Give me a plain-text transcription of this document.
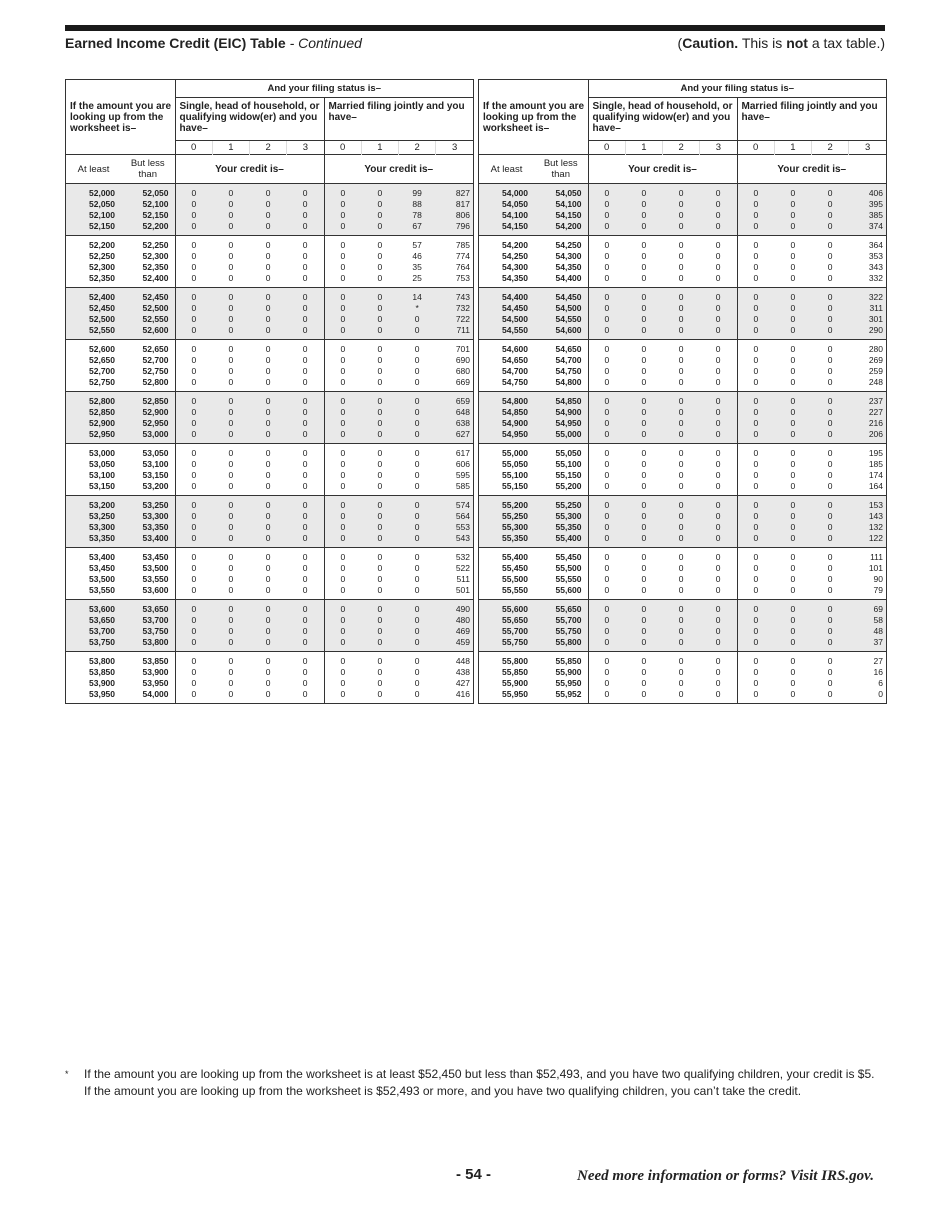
Earned Income Credit (EIC) Table - Continued	(Caution. This is not a tax table.)
		And your filing status is–							
If the amount you are looking up from the worksheet is–		Single, head of household, or qualifying widow(er) and you have–				Married filing jointly and you have–			
		0	1	2	3	0	1	2	3
At least	But less than	Your credit is–				Your credit is–			
52,000	52,050	0	0	0	0	0	0	99	827
52,050	52,100	0	0	0	0	0	0	88	817
52,100	52,150	0	0	0	0	0	0	78	806
52,150	52,200	0	0	0	0	0	0	67	796
52,200	52,250	0	0	0	0	0	0	57	785
52,250	52,300	0	0	0	0	0	0	46	774
52,300	52,350	0	0	0	0	0	0	35	764
52,350	52,400	0	0	0	0	0	0	25	753
52,400	52,450	0	0	0	0	0	0	14	743
52,450	52,500	0	0	0	0	0	0	*	732
52,500	52,550	0	0	0	0	0	0	0	722
52,550	52,600	0	0	0	0	0	0	0	711
52,600	52,650	0	0	0	0	0	0	0	701
52,650	52,700	0	0	0	0	0	0	0	690
52,700	52,750	0	0	0	0	0	0	0	680
52,750	52,800	0	0	0	0	0	0	0	669
52,800	52,850	0	0	0	0	0	0	0	659
52,850	52,900	0	0	0	0	0	0	0	648
52,900	52,950	0	0	0	0	0	0	0	638
52,950	53,000	0	0	0	0	0	0	0	627
53,000	53,050	0	0	0	0	0	0	0	617
53,050	53,100	0	0	0	0	0	0	0	606
53,100	53,150	0	0	0	0	0	0	0	595
53,150	53,200	0	0	0	0	0	0	0	585
53,200	53,250	0	0	0	0	0	0	0	574
53,250	53,300	0	0	0	0	0	0	0	564
53,300	53,350	0	0	0	0	0	0	0	553
53,350	53,400	0	0	0	0	0	0	0	543
53,400	53,450	0	0	0	0	0	0	0	532
53,450	53,500	0	0	0	0	0	0	0	522
53,500	53,550	0	0	0	0	0	0	0	511
53,550	53,600	0	0	0	0	0	0	0	501
53,600	53,650	0	0	0	0	0	0	0	490
53,650	53,700	0	0	0	0	0	0	0	480
53,700	53,750	0	0	0	0	0	0	0	469
53,750	53,800	0	0	0	0	0	0	0	459
53,800	53,850	0	0	0	0	0	0	0	448
53,850	53,900	0	0	0	0	0	0	0	438
53,900	53,950	0	0	0	0	0	0	0	427
53,950	54,000	0	0	0	0	0	0	0	416
		And your filing status is–							
If the amount you are looking up from the worksheet is–		Single, head of household, or qualifying widow(er) and you have–				Married filing jointly and you have–			
		0	1	2	3	0	1	2	3
At least	But less than	Your credit is–				Your credit is–			
54,000	54,050	0	0	0	0	0	0	0	406
54,050	54,100	0	0	0	0	0	0	0	395
54,100	54,150	0	0	0	0	0	0	0	385
54,150	54,200	0	0	0	0	0	0	0	374
54,200	54,250	0	0	0	0	0	0	0	364
54,250	54,300	0	0	0	0	0	0	0	353
54,300	54,350	0	0	0	0	0	0	0	343
54,350	54,400	0	0	0	0	0	0	0	332
54,400	54,450	0	0	0	0	0	0	0	322
54,450	54,500	0	0	0	0	0	0	0	311
54,500	54,550	0	0	0	0	0	0	0	301
54,550	54,600	0	0	0	0	0	0	0	290
54,600	54,650	0	0	0	0	0	0	0	280
54,650	54,700	0	0	0	0	0	0	0	269
54,700	54,750	0	0	0	0	0	0	0	259
54,750	54,800	0	0	0	0	0	0	0	248
54,800	54,850	0	0	0	0	0	0	0	237
54,850	54,900	0	0	0	0	0	0	0	227
54,900	54,950	0	0	0	0	0	0	0	216
54,950	55,000	0	0	0	0	0	0	0	206
55,000	55,050	0	0	0	0	0	0	0	195
55,050	55,100	0	0	0	0	0	0	0	185
55,100	55,150	0	0	0	0	0	0	0	174
55,150	55,200	0	0	0	0	0	0	0	164
55,200	55,250	0	0	0	0	0	0	0	153
55,250	55,300	0	0	0	0	0	0	0	143
55,300	55,350	0	0	0	0	0	0	0	132
55,350	55,400	0	0	0	0	0	0	0	122
55,400	55,450	0	0	0	0	0	0	0	111
55,450	55,500	0	0	0	0	0	0	0	101
55,500	55,550	0	0	0	0	0	0	0	90
55,550	55,600	0	0	0	0	0	0	0	79
55,600	55,650	0	0	0	0	0	0	0	69
55,650	55,700	0	0	0	0	0	0	0	58
55,700	55,750	0	0	0	0	0	0	0	48
55,750	55,800	0	0	0	0	0	0	0	37
55,800	55,850	0	0	0	0	0	0	0	27
55,850	55,900	0	0	0	0	0	0	0	16
55,900	55,950	0	0	0	0	0	0	0	6
55,950	55,952	0	0	0	0	0	0	0	0
* If the amount you are looking up from the worksheet is at least $52,450 but less than $52,493, and you have two qualifying children, your credit is $5.
If the amount you are looking up from the worksheet is $52,493 or more, and you have two qualifying children, you can’t take the credit.
- 54 -	Need more information or forms? Visit IRS.gov.
